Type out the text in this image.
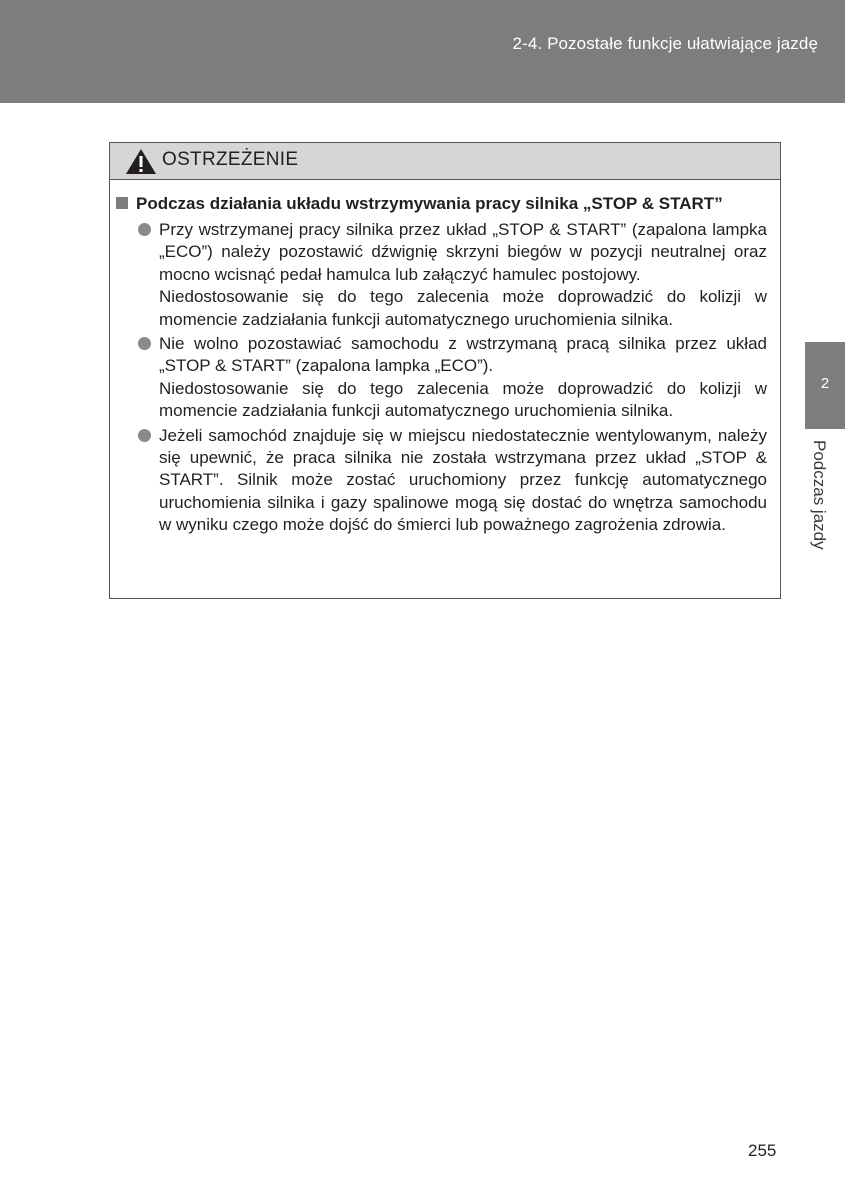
2-4. Pozostałe funkcje ułatwiające jazdę
2
Podczas jazdy
OSTRZEŻENIE
Podczas działania układu wstrzymywania pracy silnika „STOP & START”

Przy wstrzymanej pracy silnika przez układ „STOP & START” (zapalona lampka „ECO”) należy pozostawić dźwignię skrzyni biegów w pozycji neutralnej oraz mocno wcisnąć pedał hamulca lub załączyć hamulec postojowy.

Niedostosowanie się do tego zalecenia może doprowadzić do kolizji w momencie zadziałania funkcji automatycznego uruchomienia silnika.

Nie wolno pozostawiać samochodu z wstrzymaną pracą silnika przez układ „STOP & START” (zapalona lampka „ECO”).

Niedostosowanie się do tego zalecenia może doprowadzić do kolizji w momencie zadziałania funkcji automatycznego uruchomienia silnika.

Jeżeli samochód znajduje się w miejscu niedostatecznie wentylowanym, należy się upewnić, że praca silnika nie została wstrzymana przez układ „STOP & START”. Silnik może zostać uruchomiony przez funkcję automatycznego uruchomienia silnika i gazy spalinowe mogą się dostać do wnętrza samochodu w wyniku czego może dojść do śmierci lub poważnego zagrożenia zdrowia.

255
